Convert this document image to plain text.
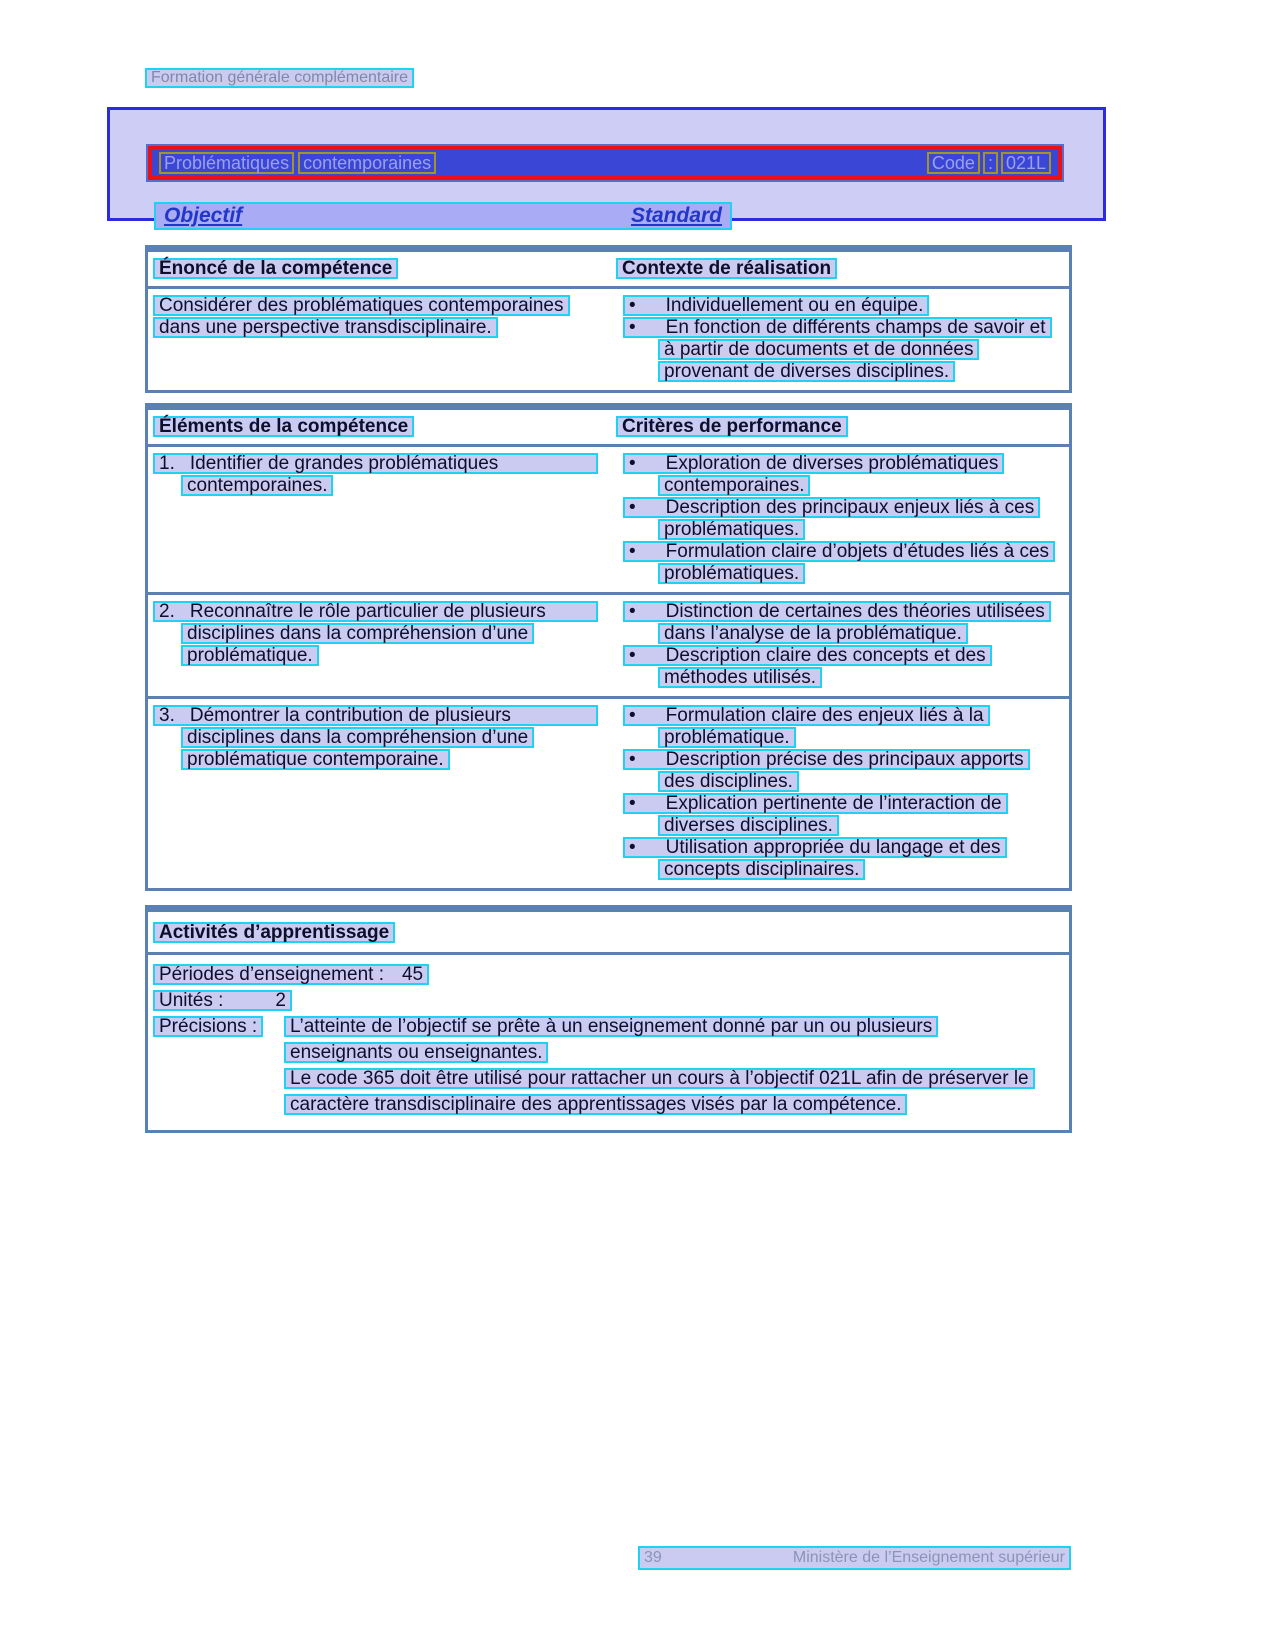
Formation générale complémentaire
Problématiques contemporaines	Code : 021L
Objectif	Standard
Énoncé de la compétence	Contexte de réalisation
Considérer des problématiques contemporaines
dans une perspective transdisciplinaire.
• Individuellement ou en équipe.
• En fonction de différents champs de savoir et
à partir de documents et de données
provenant de diverses disciplines.
Éléments de la compétence	Critères de performance
1. Identifier de grandes problématiques
contemporaines.
• Exploration de diverses problématiques
contemporaines.
• Description des principaux enjeux liés à ces
problématiques.
• Formulation claire d’objets d’études liés à ces
problématiques.
2. Reconnaître le rôle particulier de plusieurs
disciplines dans la compréhension d’une
problématique.
• Distinction de certaines des théories utilisées
dans l’analyse de la problématique.
• Description claire des concepts et des
méthodes utilisés.
3. Démontrer la contribution de plusieurs
disciplines dans la compréhension d’une
problématique contemporaine.
• Formulation claire des enjeux liés à la
problématique.
• Description précise des principaux apports
des disciplines.
• Explication pertinente de l’interaction de
diverses disciplines.
• Utilisation appropriée du langage et des
concepts disciplinaires.
Activités d’apprentissage
Périodes d’enseignement : 45
Unités :	2
Précisions :	L’atteinte de l’objectif se prête à un enseignement donné par un ou plusieurs
enseignants ou enseignantes.
Le code 365 doit être utilisé pour rattacher un cours à l’objectif 021L afin de préserver le
caractère transdisciplinaire des apprentissages visés par la compétence.
39	Ministère de l’Enseignement supérieur
